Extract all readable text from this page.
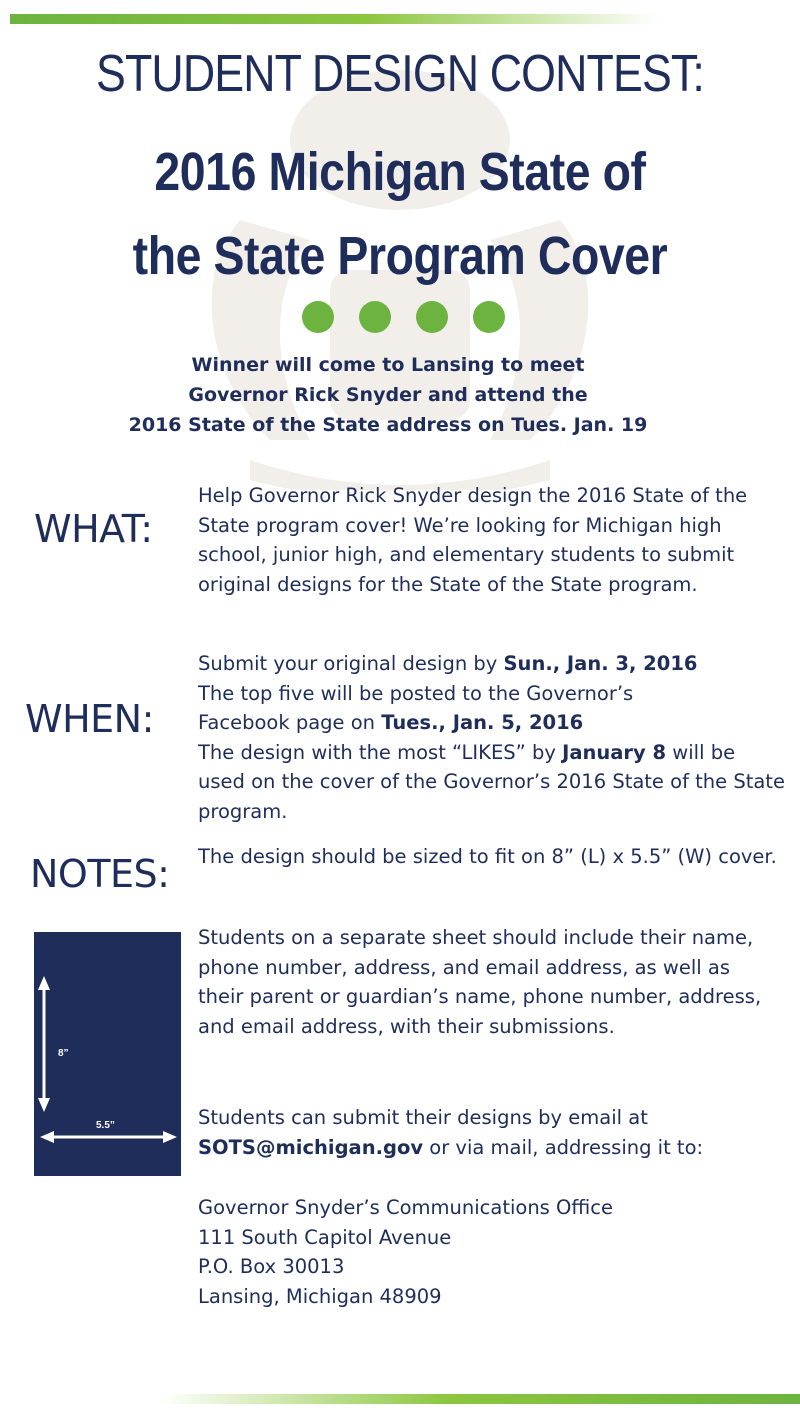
STUDENT DESIGN CONTEST:
2016 Michigan State of
the State Program Cover
Winner will come to Lansing to meet
Governor Rick Snyder and attend the
2016 State of the State address on Tues. Jan. 19
WHAT:
Help Governor Rick Snyder design the 2016 State of the State program cover! We’re looking for Michigan high school, junior high, and elementary students to submit original designs for the State of the State program.
WHEN:
Submit your original design by Sun., Jan. 3, 2016
The top five will be posted to the Governor’s
Facebook page on Tues., Jan. 5, 2016
The design with the most “LIKES” by January 8 will be used on the cover of the Governor’s 2016 State of the State program.
NOTES: The design should be sized to fit on 8” (L) x 5.5” (W) cover.
8”
5.5”
Students on a separate sheet should include their name, phone number, address, and email address, as well as their parent or guardian’s name, phone number, address, and email address, with their submissions.
Students can submit their designs by email at SOTS@michigan.gov or via mail, addressing it to:
Governor Snyder’s Communications Office
111 South Capitol Avenue
P.O. Box 30013
Lansing, Michigan 48909
